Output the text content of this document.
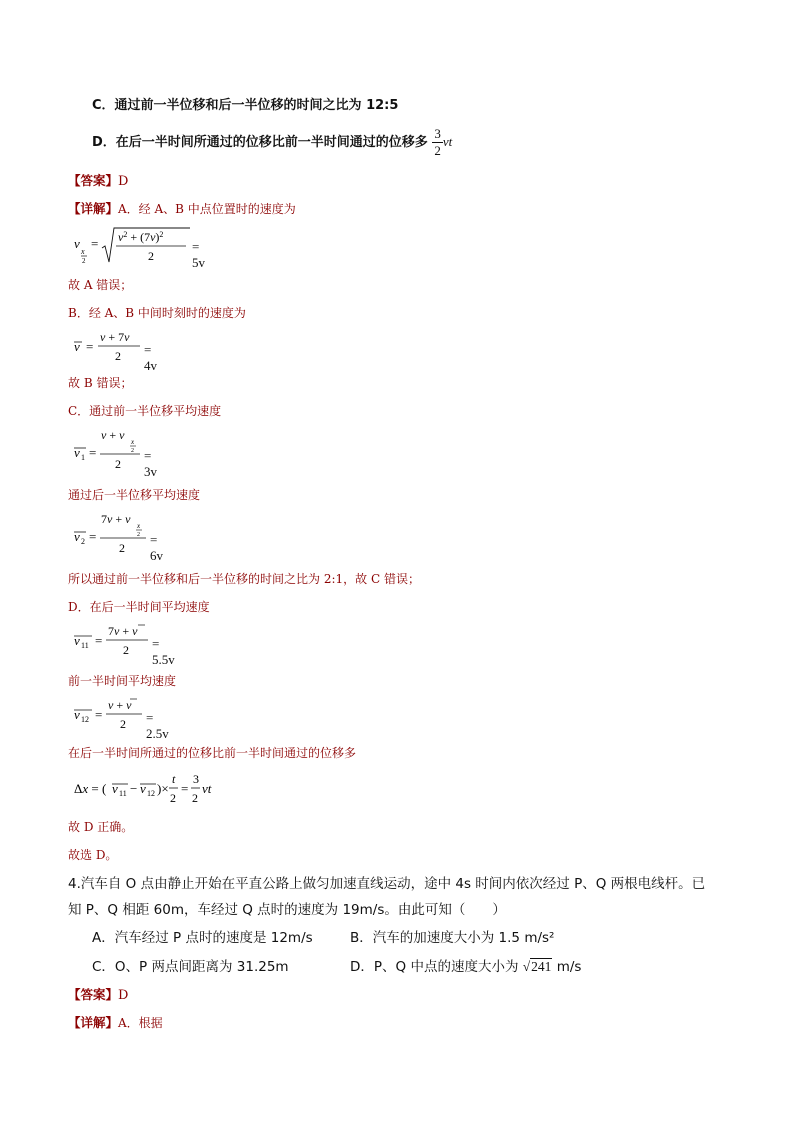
C．通过前一半位移和后一半位移的时间之比为 12:5
D．在后一半时间所通过的位移比前一半时间通过的位移多 $\frac{3}{2}$ vt
【答案】D
【详解】A．经 A、B 中点位置时的速度为
v
x
2
= $v^2 + (7v)^2$
2
= 5v
故 A 错误；
B．经 A、B 中间时刻时的速度为
v =
v + 7v
2 = 4v
故 B 错误；
C．通过前一半位移平均速度
v 1 =
v + v x
2
2
= 3v
通过后一半位移平均速度
v 2 =
7v + v x
2
2
= 6v
所以通过前一半位移和后一半位移的时间之比为 2:1，故 C 错误；
D．在后一半时间平均速度
v 11 =
7v + v
2 = 5.5v
前一半时间平均速度
v 12 =
v + v
2 = 2.5v
在后一半时间所通过的位移比前一半时间通过的位移多
Δx = ( v 11 − v 12 )×
t
2
=
3
2
vt
故 D 正确。
故选 D。
4.汽车自 O 点由静止开始在平直公路上做匀加速直线运动，途中 4s 时间内依次经过 P、Q 两根电线杆。已
知 P、Q 相距 60m，车经过 Q 点时的速度为 19m/s。由此可知（　　）
A．汽车经过 P 点时的速度是 12m/s	B．汽车的加速度大小为 1.5 m/s²
C．O、P 两点间距离为 31.25m	D．P、Q 中点的速度大小为 √241 m/s
【答案】D
【详解】A．根据
